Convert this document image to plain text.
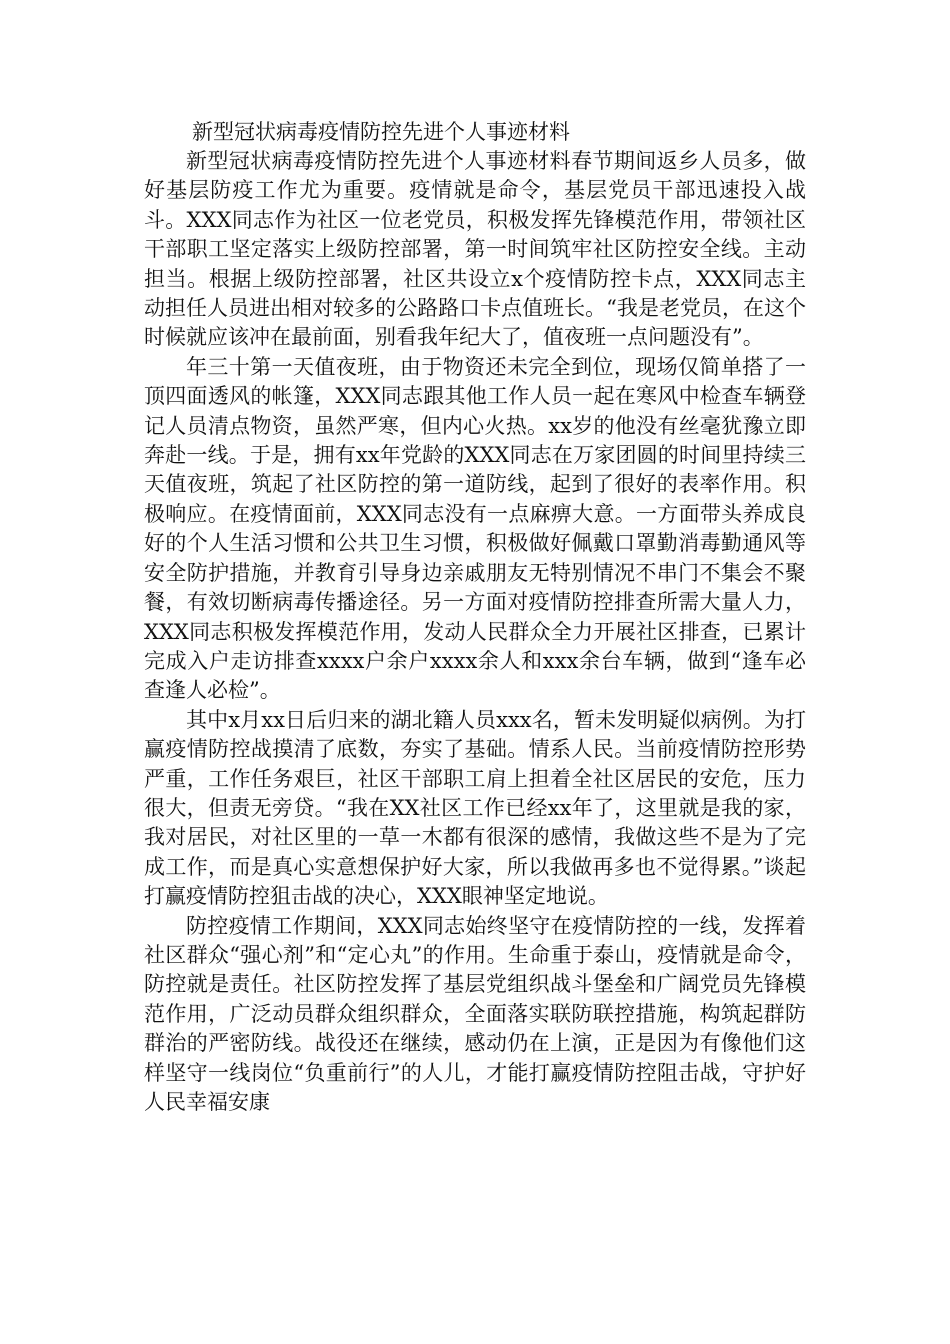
新型冠状病毒疫情防控先进个人事迹材料

新型冠状病毒疫情防控先进个人事迹材料春节期间返乡人员多，做好基层防疫工作尤为重要。疫情就是命令，基层党员干部迅速投入战斗。XXX同志作为社区一位老党员，积极发挥先锋模范作用，带领社区干部职工坚定落实上级防控部署，第一时间筑牢社区防控安全线。主动担当。根据上级防控部署，社区共设立x个疫情防控卡点，XXX同志主动担任人员进出相对较多的公路路口卡点值班长。“我是老党员，在这个时候就应该冲在最前面，别看我年纪大了，值夜班一点问题没有”。

年三十第一天值夜班，由于物资还未完全到位，现场仅简单搭了一顶四面透风的帐篷，XXX同志跟其他工作人员一起在寒风中检查车辆登记人员清点物资，虽然严寒，但内心火热。xx岁的他没有丝毫犹豫立即奔赴一线。于是，拥有xx年党龄的XXX同志在万家团圆的时间里持续三天值夜班，筑起了社区防控的第一道防线，起到了很好的表率作用。积极响应。在疫情面前，XXX同志没有一点麻痹大意。一方面带头养成良好的个人生活习惯和公共卫生习惯，积极做好佩戴口罩勤消毒勤通风等安全防护措施，并教育引导身边亲戚朋友无特别情况不串门不集会不聚餐，有效切断病毒传播途径。另一方面对疫情防控排查所需大量人力，XXX同志积极发挥模范作用，发动人民群众全力开展社区排查，已累计完成入户走访排查xxxx户余户xxxx余人和xxx余台车辆，做到“逢车必查逢人必检”。

其中x月xx日后归来的湖北籍人员xxx名，暂未发明疑似病例。为打赢疫情防控战摸清了底数，夯实了基础。情系人民。当前疫情防控形势严重，工作任务艰巨，社区干部职工肩上担着全社区居民的安危，压力很大，但责无旁贷。“我在XX社区工作已经xx年了，这里就是我的家，我对居民，对社区里的一草一木都有很深的感情，我做这些不是为了完成工作，而是真心实意想保护好大家，所以我做再多也不觉得累。”谈起打赢疫情防控狙击战的决心，XXX眼神坚定地说。

防控疫情工作期间，XXX同志始终坚守在疫情防控的一线，发挥着社区群众“强心剂”和“定心丸”的作用。生命重于泰山，疫情就是命令，防控就是责任。社区防控发挥了基层党组织战斗堡垒和广阔党员先锋模范作用，广泛动员群众组织群众，全面落实联防联控措施，构筑起群防群治的严密防线。战役还在继续，感动仍在上演，正是因为有像他们这样坚守一线岗位“负重前行”的人儿，才能打赢疫情防控阻击战，守护好人民幸福安康
